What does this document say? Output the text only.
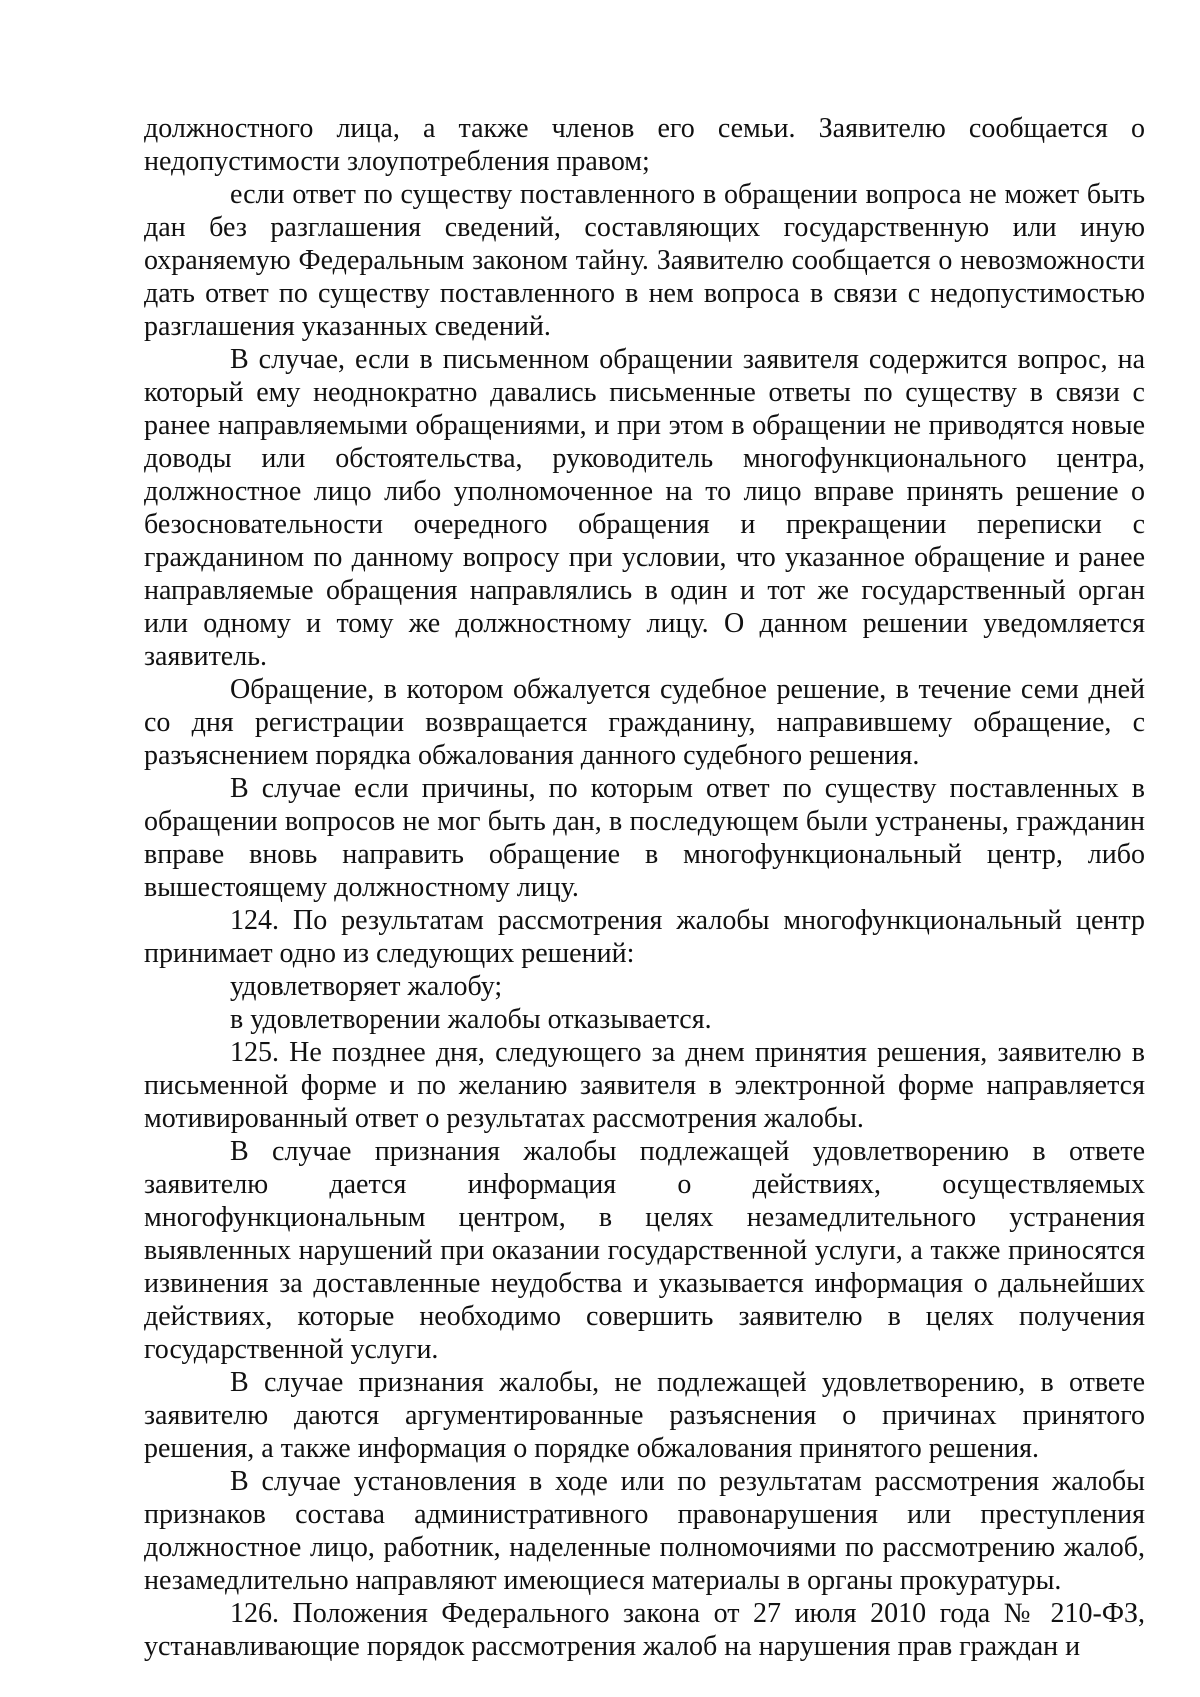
должностного лица, а также членов его семьи. Заявителю сообщается о недопустимости злоупотребления правом;

если ответ по существу поставленного в обращении вопроса не может быть дан без разглашения сведений, составляющих государственную или иную охраняемую Федеральным законом тайну. Заявителю сообщается о невозможности дать ответ по существу поставленного в нем вопроса в связи с недопустимостью разглашения указанных сведений.

В случае, если в письменном обращении заявителя содержится вопрос, на который ему неоднократно давались письменные ответы по существу в связи с ранее направляемыми обращениями, и при этом в обращении не приводятся новые доводы или обстоятельства, руководитель многофункционального центра, должностное лицо либо уполномоченное на то лицо вправе принять решение о безосновательности очередного обращения и прекращении переписки с гражданином по данному вопросу при условии, что указанное обращение и ранее направляемые обращения направлялись в один и тот же государственный орган или одному и тому же должностному лицу. О данном решении уведомляется заявитель.

Обращение, в котором обжалуется судебное решение, в течение семи дней со дня регистрации возвращается гражданину, направившему обращение, с разъяснением порядка обжалования данного судебного решения.

В случае если причины, по которым ответ по существу поставленных в обращении вопросов не мог быть дан, в последующем были устранены, гражданин вправе вновь направить обращение в многофункциональный центр, либо вышестоящему должностному лицу.

124. По результатам рассмотрения жалобы многофункциональный центр принимает одно из следующих решений:

удовлетворяет жалобу;

в удовлетворении жалобы отказывается.

125. Не позднее дня, следующего за днем принятия решения, заявителю в письменной форме и по желанию заявителя в электронной форме направляется мотивированный ответ о результатах рассмотрения жалобы.

В случае признания жалобы подлежащей удовлетворению в ответе заявителю дается информация о действиях, осуществляемых многофункциональным центром, в целях незамедлительного устранения выявленных нарушений при оказании государственной услуги, а также приносятся извинения за доставленные неудобства и указывается информация о дальнейших действиях, которые необходимо совершить заявителю в целях получения государственной услуги.

В случае признания жалобы, не подлежащей удовлетворению, в ответе заявителю даются аргументированные разъяснения о причинах принятого решения, а также информация о порядке обжалования принятого решения.

В случае установления в ходе или по результатам рассмотрения жалобы признаков состава административного правонарушения или преступления должностное лицо, работник, наделенные полномочиями по рассмотрению жалоб, незамедлительно направляют имеющиеся материалы в органы прокуратуры.

126. Положения Федерального закона от 27 июля 2010 года № 210-ФЗ, устанавливающие порядок рассмотрения жалоб на нарушения прав граждан и
